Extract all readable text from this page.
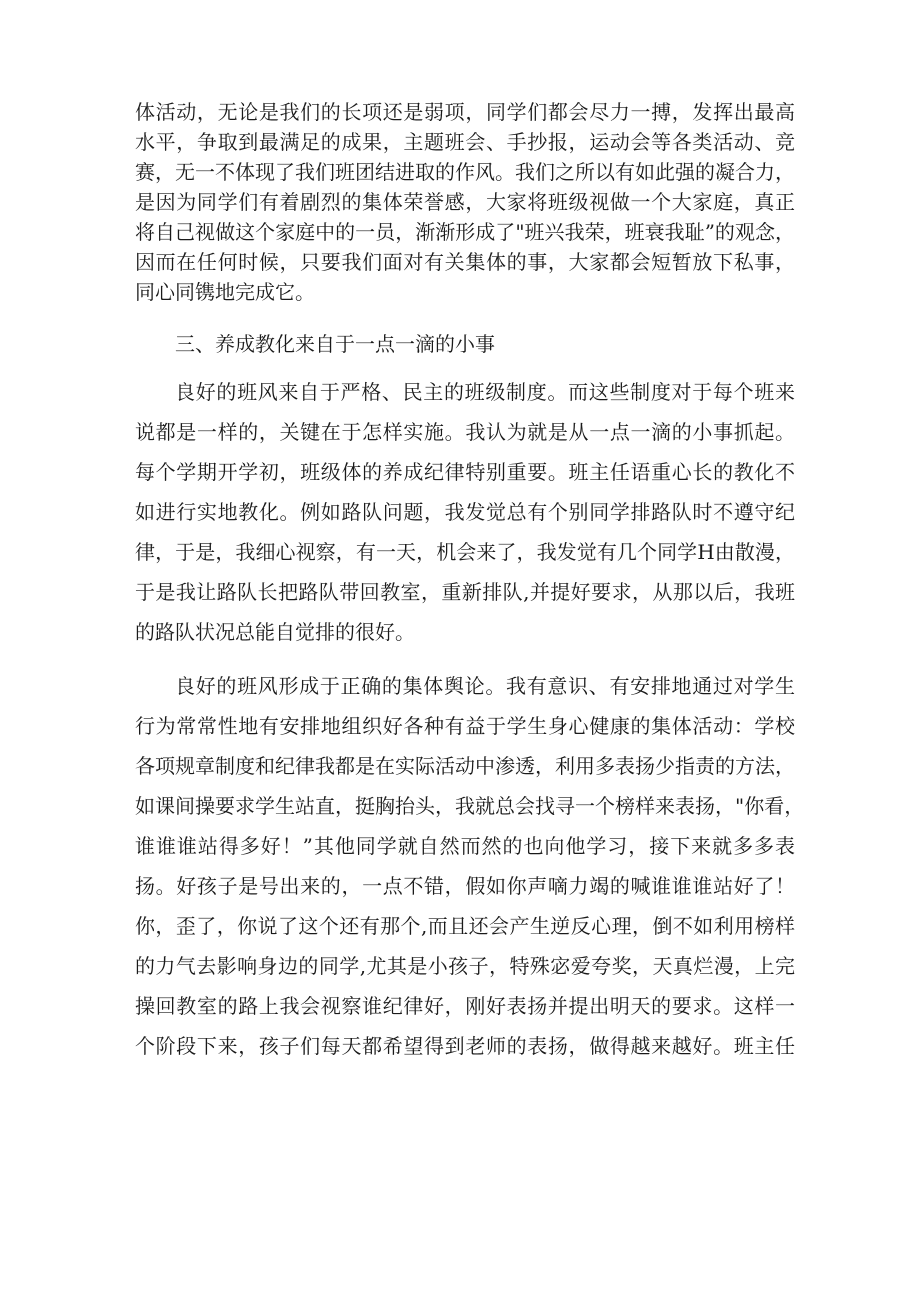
体活动，无论是我们的长项还是弱项，同学们都会尽力一搏，发挥出最高
水平，争取到最满足的成果，主题班会、手抄报，运动会等各类活动、竞
赛，无一不体现了我们班团结进取的作风。我们之所以有如此强的凝合力，
是因为同学们有着剧烈的集体荣誉感，大家将班级视做一个大家庭，真正
将自己视做这个家庭中的一员，渐渐形成了"班兴我荣，班衰我耻”的观念，
因而在任何时候，只要我们面对有关集体的事，大家都会短暂放下私事，
同心同镌地完成它。
三、养成教化来自于一点一滴的小事
良好的班风来自于严格、民主的班级制度。而这些制度对于每个班来
说都是一样的，关键在于怎样实施。我认为就是从一点一滴的小事抓起。
每个学期开学初，班级体的养成纪律特别重要。班主任语重心长的教化不
如进行实地教化。例如路队问题，我发觉总有个别同学排路队时不遵守纪
律，于是，我细心视察，有一天，机会来了，我发觉有几个同学H由散漫，
于是我让路队长把路队带回教室，重新排队,并提好要求，从那以后，我班
的路队状况总能自觉排的很好。
良好的班风形成于正确的集体舆论。我有意识、有安排地通过对学生
行为常常性地有安排地组织好各种有益于学生身心健康的集体活动：学校
各项规章制度和纪律我都是在实际活动中渗透，利用多表扬少指责的方法，
如课间操要求学生站直，挺胸抬头，我就总会找寻一个榜样来表扬，"你看，
谁谁谁站得多好！”其他同学就自然而然的也向他学习，接下来就多多表
扬。好孩子是号出来的，一点不错，假如你声嘀力竭的喊谁谁谁站好了！
你，歪了，你说了这个还有那个,而且还会产生逆反心理，倒不如利用榜样
的力气去影响身边的同学,尤其是小孩子，特殊宓爱夸奖，天真烂漫，上完
操回教室的路上我会视察谁纪律好，刚好表扬并提出明天的要求。这样一
个阶段下来，孩子们每天都希望得到老师的表扬，做得越来越好。班主任
